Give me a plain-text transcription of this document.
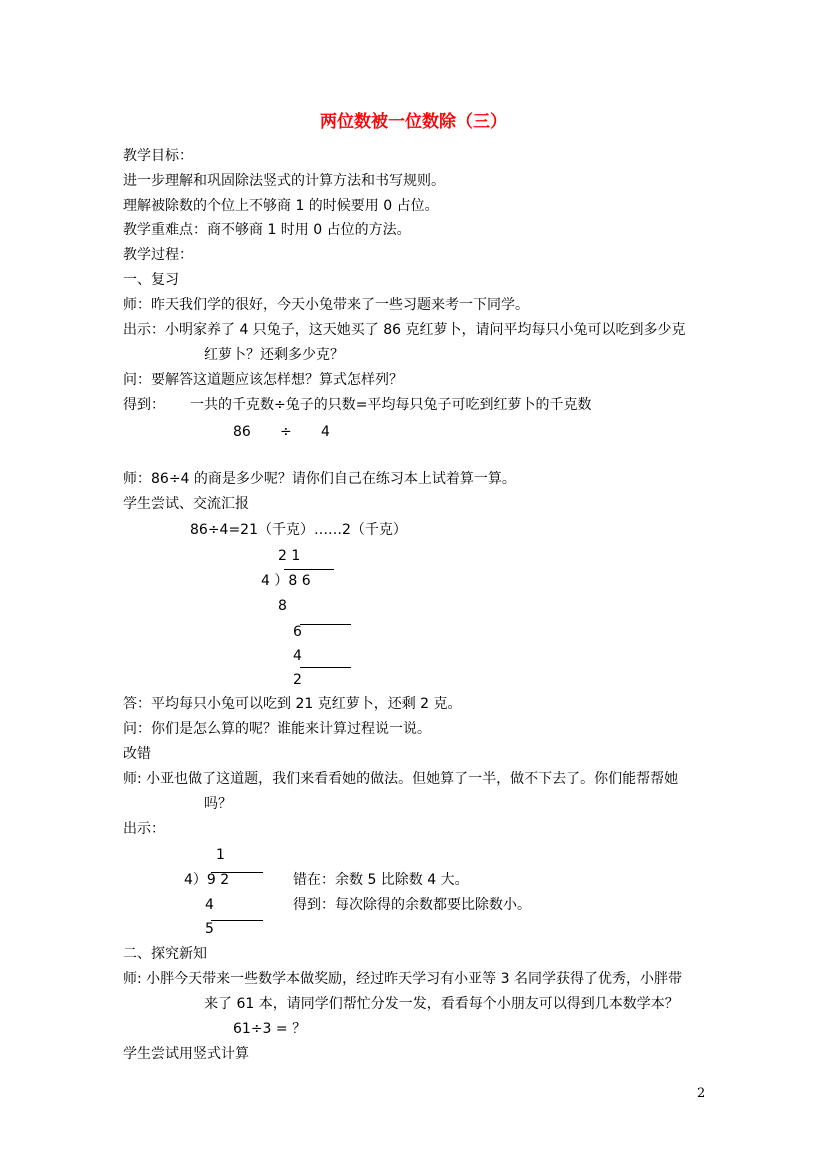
两位数被一位数除（三）
教学目标：
进一步理解和巩固除法竖式的计算方法和书写规则。
理解被除数的个位上不够商 1 的时候要用 0 占位。
教学重难点：商不够商 1 时用 0 占位的方法。
教学过程：
一、复习
师：昨天我们学的很好，今天小兔带来了一些习题来考一下同学。
出示：小明家养了 4 只兔子，这天她买了 86 克红萝卜，请问平均每只小兔可以吃到多少克
红萝卜？还剩多少克？
问：要解答这道题应该怎样想？算式怎样列？
得到： 一共的千克数÷兔子的只数=平均每只兔子可吃到红萝卜的千克数
86 ÷ 4
师：86÷4 的商是多少呢？请你们自己在练习本上试着算一算。
学生尝试、交流汇报
86÷4=21（千克）……2（千克）
2 1
4 ）8 6
8
6
4
2
答：平均每只小兔可以吃到 21 克红萝卜，还剩 2 克。
问：你们是怎么算的呢？谁能来计算过程说一说。
改错
师: 小亚也做了这道题，我们来看看她的做法。但她算了一半，做不下去了。你们能帮帮她
吗？
出示：
1
4）9 2	错在：余数 5 比除数 4 大。
4	得到：每次除得的余数都要比除数小。
5
二、探究新知
师: 小胖今天带来一些数学本做奖励，经过昨天学习有小亚等 3 名同学获得了优秀，小胖带
来了 61 本，请同学们帮忙分发一发，看看每个小朋友可以得到几本数学本？
61÷3 = ？
学生尝试用竖式计算
2
